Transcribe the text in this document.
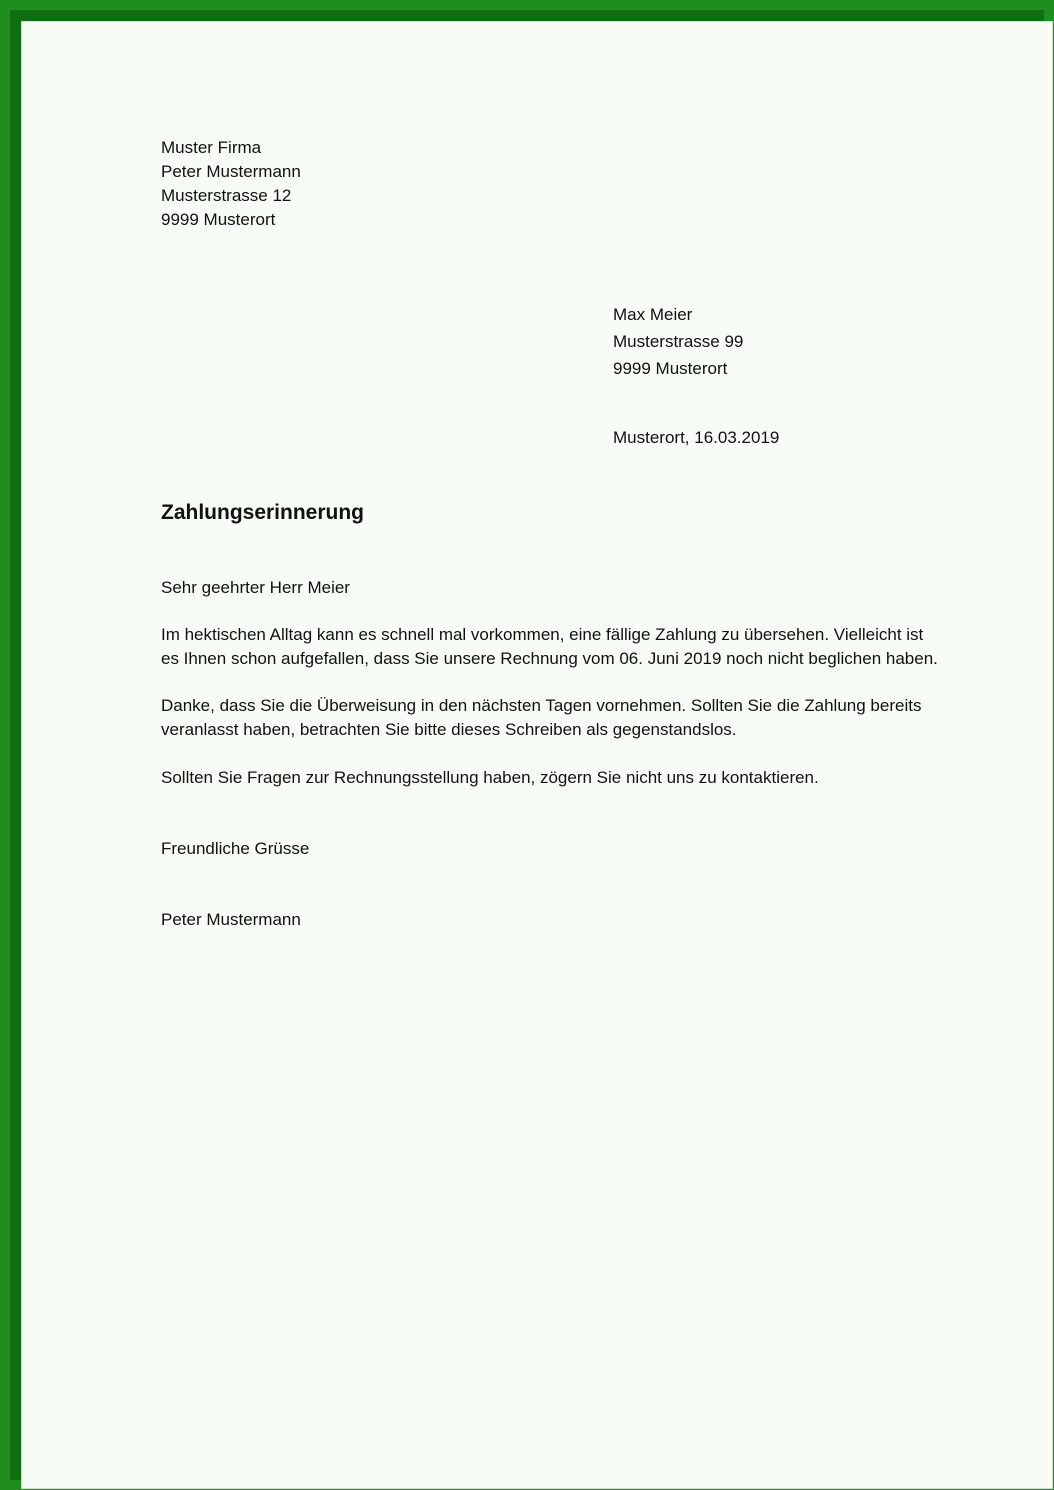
Muster Firma
Peter Mustermann
Musterstrasse 12
9999 Musterort
Max Meier
Musterstrasse 99
9999 Musterort
Musterort, 16.03.2019
Zahlungserinnerung
Sehr geehrter Herr Meier
Im hektischen Alltag kann es schnell mal vorkommen, eine fällige Zahlung zu übersehen. Vielleicht ist
es Ihnen schon aufgefallen, dass Sie unsere Rechnung vom 06. Juni 2019 noch nicht beglichen haben.
Danke, dass Sie die Überweisung in den nächsten Tagen vornehmen. Sollten Sie die Zahlung bereits
veranlasst haben, betrachten Sie bitte dieses Schreiben als gegenstandslos.
Sollten Sie Fragen zur Rechnungsstellung haben, zögern Sie nicht uns zu kontaktieren.
Freundliche Grüsse
Peter Mustermann
